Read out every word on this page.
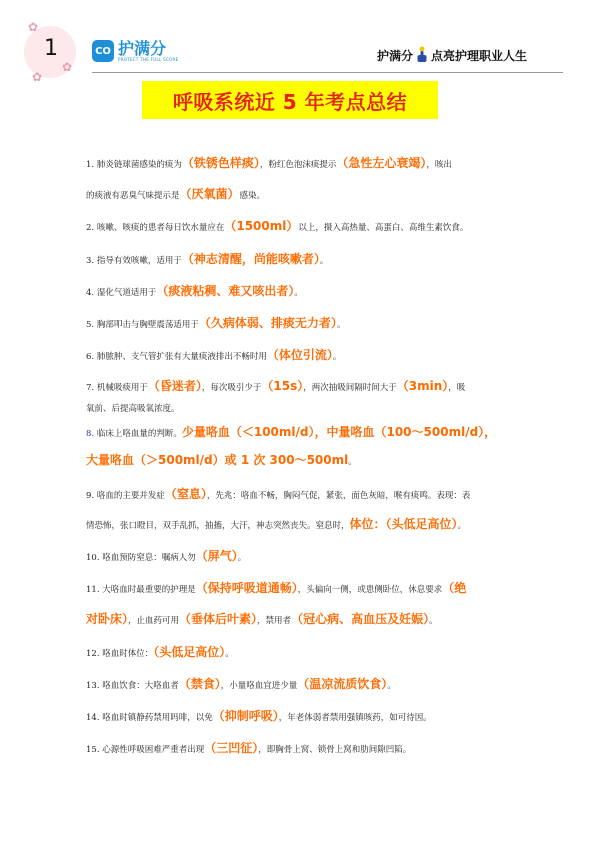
✿
✿
✿
1	CO 护满分
PROTECT THE FULL SCORE	护满分 点亮护理职业人生
呼吸系统近 5 年考点总结
1. 肺炎链球菌感染的痰为（铁锈色样痰），粉红色泡沫痰提示（急性左心衰竭），咳出
的痰液有恶臭气味提示是（厌氧菌）感染。
2. 咳嗽、咳痰的患者每日饮水量应在（1500ml）以上，摄入高热量、高蛋白、高维生素饮食。
3. 指导有效咳嗽，适用于（神志清醒，尚能咳嗽者）。
4. 湿化气道适用于（痰液粘稠、难又咳出者）。
5. 胸部叩击与胸壁震荡适用于（久病体弱、排痰无力者）。
6. 肺脓肿、支气管扩张有大量痰液排出不畅时用（体位引流）。
7. 机械吸痰用于（昏迷者），每次吸引少于（15s），两次抽吸间隔时间大于（3min），吸
氧前、后提高吸氧浓度。
8. 临床上咯血量的判断。少量咯血（＜100ml/d），中量咯血（100～500ml/d），
大量咯血（＞500ml/d）或 1 次 300～500ml。
9. 咯血的主要并发症（窒息），先兆：咯血不畅，胸闷气促，紧张，面色灰暗，喉有痰鸣。表现：表
情恐怖，张口瞪目，双手乱抓，抽搐，大汗，神志突然丧失。窒息时，体位：（头低足高位）。
10. 咯血预防窒息：嘱病人勿（屏气）。
11. 大咯血时最重要的护理是（保持呼吸道通畅），头偏向一侧，或患侧卧位，休息要求（绝
对卧床），止血药可用（垂体后叶素），禁用者（冠心病、高血压及妊娠）。
12. 咯血时体位：（头低足高位）。
13. 咯血饮食：大咯血者（禁食），小量咯血宜进少量（温凉流质饮食）。
14. 咯血时镇静药禁用吗啡，以免（抑制呼吸），年老体弱者禁用强镇咳药，如可待因。
15. 心源性呼吸困难严重者出现（三凹征），即胸骨上窝、锁骨上窝和肋间隙凹陷。
